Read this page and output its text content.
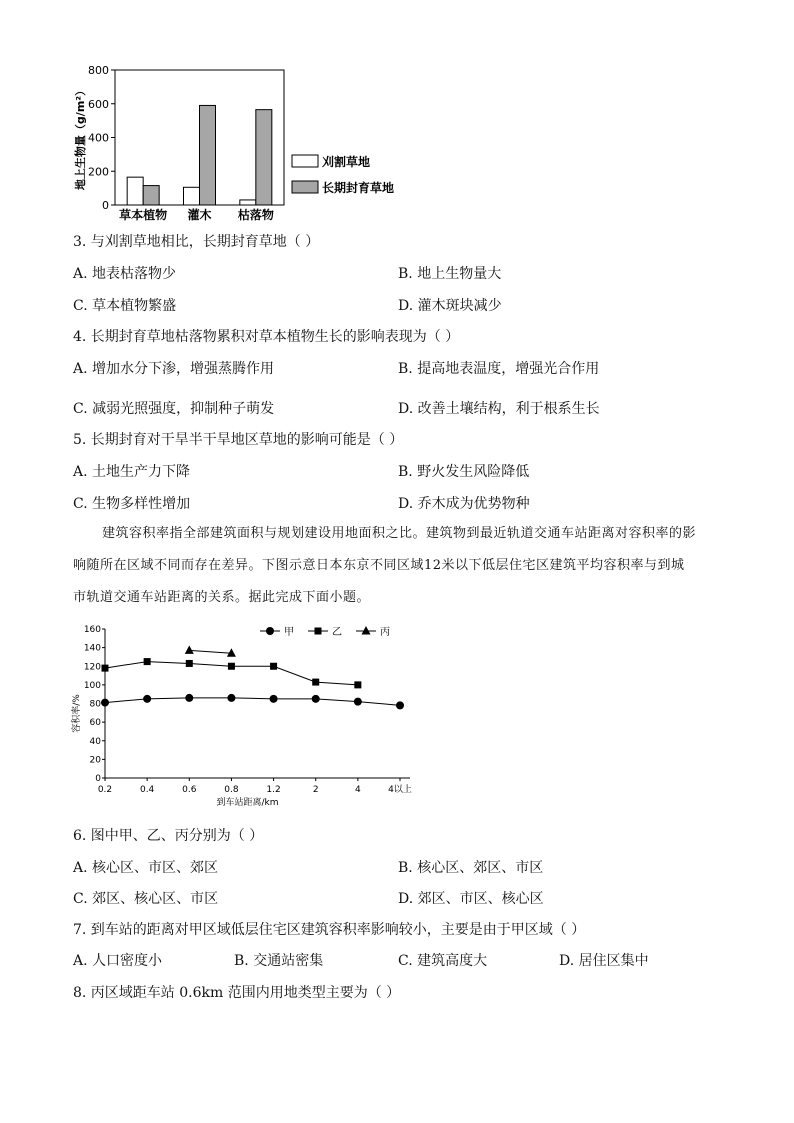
0
200
400
600
800
地上生物量（g/m²）
草本植物 灌木 枯落物
刈割草地
长期封育草地
3. 与刈割草地相比，长期封育草地（ ）
A. 地表枯落物少	B. 地上生物量大
C. 草本植物繁盛	D. 灌木斑块减少
4. 长期封育草地枯落物累积对草本植物生长的影响表现为（ ）
A. 增加水分下渗，增强蒸腾作用	B. 提高地表温度，增强光合作用
C. 减弱光照强度，抑制种子萌发	D. 改善土壤结构，利于根系生长
5. 长期封育对干旱半干旱地区草地的影响可能是（ ）
A. 土地生产力下降	B. 野火发生风险降低
C. 生物多样性增加	D. 乔木成为优势物种
建筑容积率指全部建筑面积与规划建设用地面积之比。建筑物到最近轨道交通车站距离对容积率的影
响随所在区域不同而存在差异。下图示意日本东京不同区域12米以下低层住宅区建筑平均容积率与到城
市轨道交通车站距离的关系。据此完成下面小题。
0
20
40
60
80
100
120
140
160
0.2	0.4	0.6	0.8	1.2	2	4	4以上
到车站距离/km
容积率/%
甲	乙	丙
6. 图中甲、乙、丙分别为（ ）
A. 核心区、市区、郊区	B. 核心区、郊区、市区
C. 郊区、核心区、市区	D. 郊区、市区、核心区
7. 到车站的距离对甲区域低层住宅区建筑容积率影响较小，主要是由于甲区域（ ）
A. 人口密度小	B. 交通站密集	C. 建筑高度大	D. 居住区集中
8. 丙区域距车站 0.6km 范围内用地类型主要为（ ）
